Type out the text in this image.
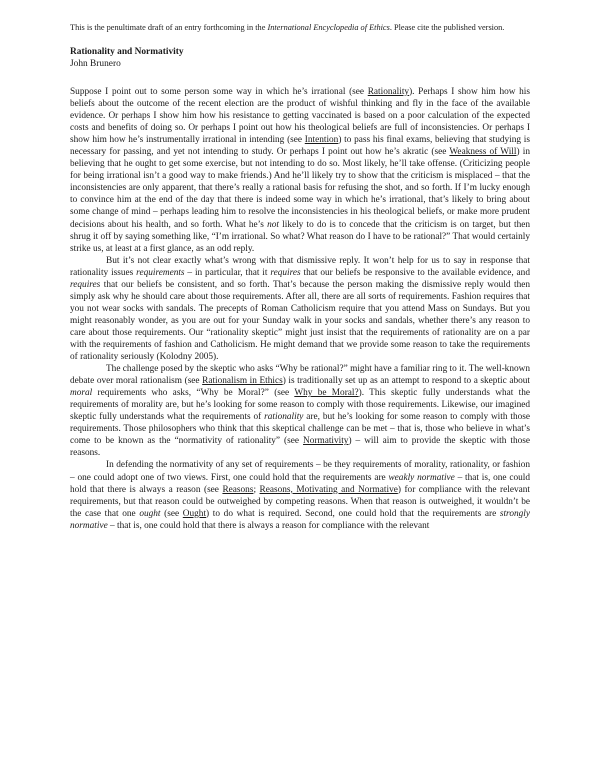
This is the penultimate draft of an entry forthcoming in the International Encyclopedia of Ethics. Please cite the published version.

Rationality and Normativity

John Brunero

Suppose I point out to some person some way in which he’s irrational (see Rationality). Perhaps I show him how his beliefs about the outcome of the recent election are the product of wishful thinking and fly in the face of the available evidence. Or perhaps I show him how his resistance to getting vaccinated is based on a poor calculation of the expected costs and benefits of doing so. Or perhaps I point out how his theological beliefs are full of inconsistencies. Or perhaps I show him how he’s instrumentally irrational in intending (see Intention) to pass his final exams, believing that studying is necessary for passing, and yet not intending to study. Or perhaps I point out how he’s akratic (see Weakness of Will) in believing that he ought to get some exercise, but not intending to do so. Most likely, he’ll take offense. (Criticizing people for being irrational isn’t a good way to make friends.) And he’ll likely try to show that the criticism is misplaced – that the inconsistencies are only apparent, that there’s really a rational basis for refusing the shot, and so forth. If I’m lucky enough to convince him at the end of the day that there is indeed some way in which he’s irrational, that’s likely to bring about some change of mind – perhaps leading him to resolve the inconsistencies in his theological beliefs, or make more prudent decisions about his health, and so forth. What he’s not likely to do is to concede that the criticism is on target, but then shrug it off by saying something like, “I’m irrational. So what? What reason do I have to be rational?” That would certainly strike us, at least at a first glance, as an odd reply.

But it’s not clear exactly what’s wrong with that dismissive reply. It won’t help for us to say in response that rationality issues requirements – in particular, that it requires that our beliefs be responsive to the available evidence, and requires that our beliefs be consistent, and so forth. That’s because the person making the dismissive reply would then simply ask why he should care about those requirements. After all, there are all sorts of requirements. Fashion requires that you not wear socks with sandals. The precepts of Roman Catholicism require that you attend Mass on Sundays. But you might reasonably wonder, as you are out for your Sunday walk in your socks and sandals, whether there’s any reason to care about those requirements. Our “rationality skeptic” might just insist that the requirements of rationality are on a par with the requirements of fashion and Catholicism. He might demand that we provide some reason to take the requirements of rationality seriously (Kolodny 2005).

The challenge posed by the skeptic who asks “Why be rational?” might have a familiar ring to it. The well-known debate over moral rationalism (see Rationalism in Ethics) is traditionally set up as an attempt to respond to a skeptic about moral requirements who asks, “Why be Moral?” (see Why be Moral?). This skeptic fully understands what the requirements of morality are, but he’s looking for some reason to comply with those requirements. Likewise, our imagined skeptic fully understands what the requirements of rationality are, but he’s looking for some reason to comply with those requirements. Those philosophers who think that this skeptical challenge can be met – that is, those who believe in what’s come to be known as the “normativity of rationality” (see Normativity) – will aim to provide the skeptic with those reasons.

In defending the normativity of any set of requirements – be they requirements of morality, rationality, or fashion – one could adopt one of two views. First, one could hold that the requirements are weakly normative – that is, one could hold that there is always a reason (see Reasons; Reasons, Motivating and Normative) for compliance with the relevant requirements, but that reason could be outweighed by competing reasons. When that reason is outweighed, it wouldn’t be the case that one ought (see Ought) to do what is required. Second, one could hold that the requirements are strongly normative – that is, one could hold that there is always a reason for compliance with the relevant
